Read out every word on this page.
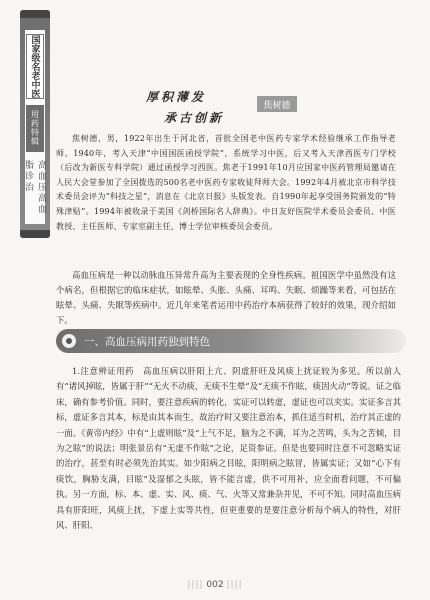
国家级名老中医
用药特辑
高血压高血脂诊治
厚积薄发
承古创新
焦树德

焦树德，男，1922年出生于河北省，首批全国老中医药专家学术经验继承工作指导老师。1940年，考入天津“中国国医函授学院”，系统学习中医，后又考入天津西医专门学校（后改为新医专科学院）通过函授学习西医。焦老于1991年10月应国家中医药管理局邀请在人民大会堂参加了全国拨选的500名老中医药专家收徒拜师大会。1992年4月被北京市科学技术委员会评为“科技之星”，消息在《北京日报》头版发表。自1990年起享受国务院颁发的“特殊津贴”。1994年被收录于美国《剑桥国际名人辞典》。中日友好医院学术委员会委员、中医教授、主任医师、专家室副主任，博士学位审核委员会委员。

高血压病是一种以动脉血压异常升高为主要表现的全身性疾病。祖国医学中虽然没有这个病名，但根据它的临床症状，如眩晕、头胀、头痛、耳鸣、失眠、烦躁等来看，可包括在眩晕、头痛、失眠等疾病中。近几年来笔者运用中药治疗本病获得了较好的效果，现介绍如下。

一、高血压病用药独到特色

1.注意辨证用药　高血压病以肝阳上亢、阴虚肝旺及风痰上扰证较为多见。所以前人有“诸风掉眩，皆属于肝”“无火不动痰，无痰不生晕”及“无痰不作眩，痰因火动”等说。证之临床，确有参考价值。同时，要注意疾病的转化，实证可以转虚，虚证也可以夹实。实证多言其标，虚证多言其本，标是由其本而生，故治疗时又要注意治本，抓住适当时机，治疗其正虚的一面。《黄帝内经》中有“上虚则眩”及“上气不足，脑为之不满，耳为之苦鸣，头为之苦倾，目为之眩”的说法；明张景岳有“无虚不作眩”之论，足资参证。但是也要同时注意不可忽略实证的治疗，甚至有时必须先治其实。如少阳病之目眩，阳明病之眩冒，皆属实证；又如“心下有痰饮，胸胁支满，目眩”及湿郁之头眩，皆不能言虚，供不可用补，应全面看问题，不可偏执。另一方面，标、本、虚、实、风、痰、气、火等又常兼杂并见，不可不知。同时高血压病具有肝阳旺，风痰上扰，下虚上实等共性，但更重要的是要注意分析每个病人的特性，对肝风、肝阳、

|||| 002 ||||
